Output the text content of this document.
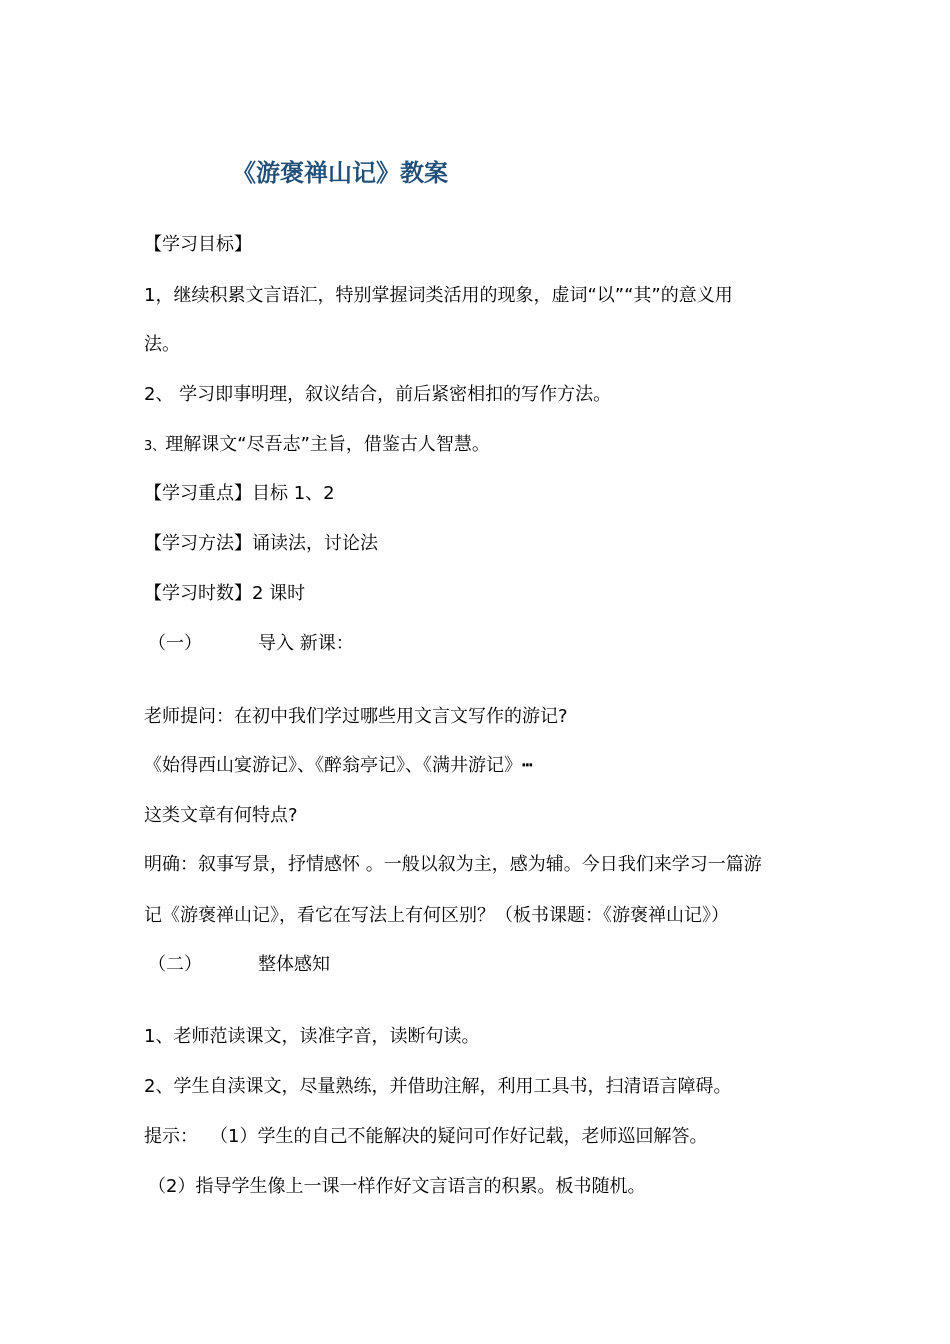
《游褒禅山记》教案
【学习目标】
1，继续积累文言语汇，特别掌握词类活用的现象，虚词“以”“其”的意义用
法。
2、 学习即事明理，叙议结合，前后紧密相扣的写作方法。
3、理解课文“尽吾志”主旨，借鉴古人智慧。
【学习重点】目标 1、2
【学习方法】诵读法，讨论法
【学习时数】2 课时
（一）	导入 新课：
老师提问：在初中我们学过哪些用文言文写作的游记?
《始得西山宴游记》、《醉翁亭记》、《满井游记》┅
这类文章有何特点?
明确：叙事写景，抒情感怀 。一般以叙为主，感为辅。今日我们来学习一篇游
记《游褒禅山记》，看它在写法上有何区别？（板书课题：《游褒禅山记》）
（二）	整体感知
1、老师范读课文，读准字音，读断句读。
2、学生自渎课文，尽量熟练，并借助注解，利用工具书，扫清语言障碍。
提示： （1）学生的自己不能解决的疑问可作好记载，老师巡回解答。
（2）指导学生像上一课一样作好文言语言的积累。板书随机。
